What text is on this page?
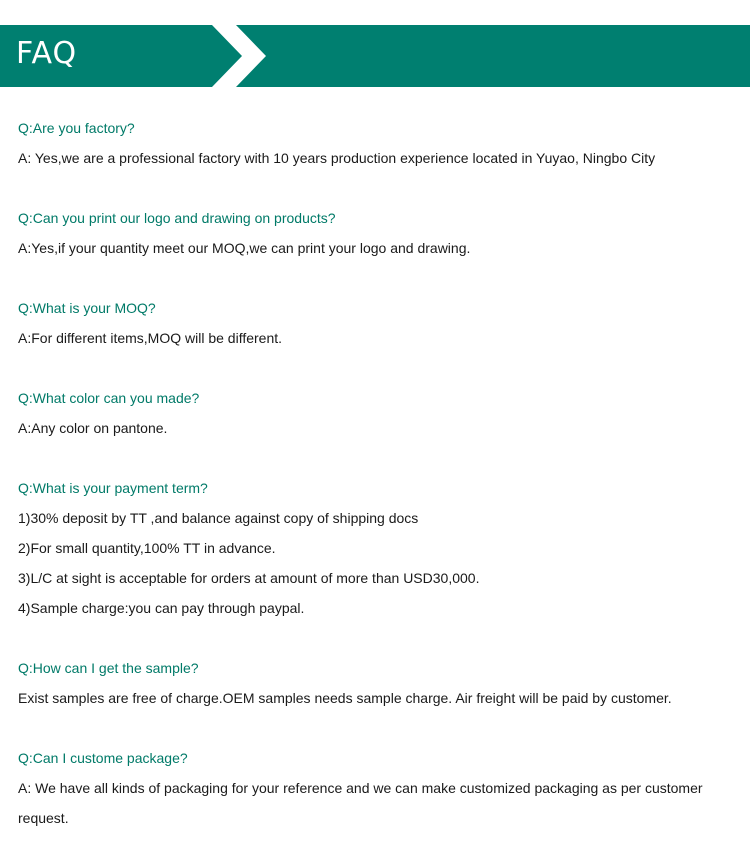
FAQ

Q:Are you factory?

A: Yes,we are a professional factory with 10 years production experience located in Yuyao, Ningbo City

Q:Can you print our logo and drawing on products?

A:Yes,if your quantity meet our MOQ,we can print your logo and drawing.

Q:What is your MOQ?

A:For different items,MOQ will be different.

Q:What color can you made?

A:Any color on pantone.

Q:What is your payment term?

1)30% deposit by TT ,and balance against copy of shipping docs

2)For small quantity,100% TT in advance.

3)L/C at sight is acceptable for orders at amount of more than USD30,000.

4)Sample charge:you can pay through paypal.

Q:How can I get the sample?

Exist samples are free of charge.OEM samples needs sample charge. Air freight will be paid by customer.

Q:Can I custome package?

A: We have all kinds of packaging for your reference and we can make customized packaging as per customer request.
